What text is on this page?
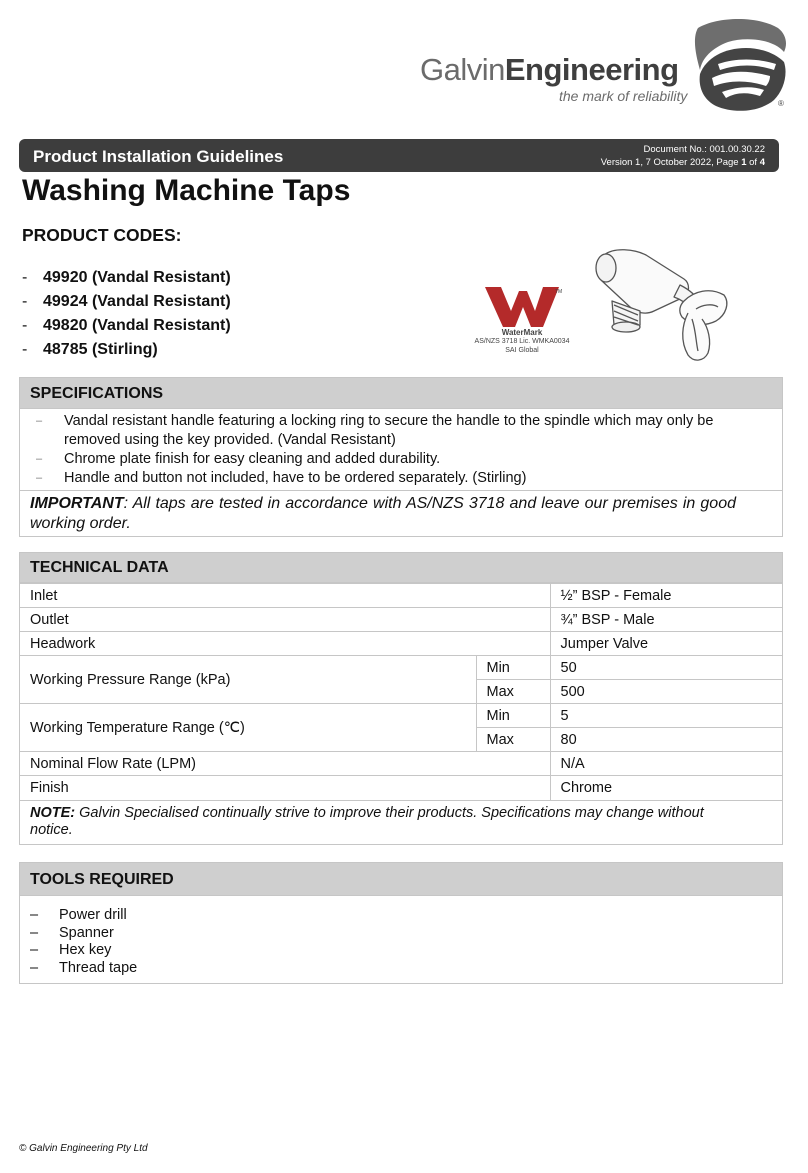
GalvinEngineering
the mark of reliability	®
Product Installation Guidelines	Document No.: 001.00.30.22
Version 1, 7 October 2022, Page 1 of 4
Washing Machine Taps
PRODUCT CODES:
- 49920 (Vandal Resistant)
- 49924 (Vandal Resistant)
- 49820 (Vandal Resistant)
- 48785 (Stirling)
TM
WaterMark
AS/NZS 3718 Lic. WMKA0034
SAI Global
SPECIFICATIONS
– Vandal resistant handle featuring a locking ring to secure the handle to the spindle which may only be removed using the key provided. (Vandal Resistant)
– Chrome plate finish for easy cleaning and added durability.
– Handle and button not included, have to be ordered separately. (Stirling)
IMPORTANT: All taps are tested in accordance with AS/NZS 3718 and leave our premises in good working order.
TECHNICAL DATA
Inlet		½” BSP - Female
Outlet		¾” BSP - Male
Headwork		Jumper Valve
Working Pressure Range (kPa)	Min	50
	Max	500
Working Temperature Range (℃)	Min	5
	Max	80
Nominal Flow Rate (LPM)		N/A
Finish		Chrome
NOTE: Galvin Specialised continually strive to improve their products. Specifications may change without notice.
TOOLS REQUIRED
– Power drill
– Spanner
– Hex key
– Thread tape
© Galvin Engineering Pty Ltd
